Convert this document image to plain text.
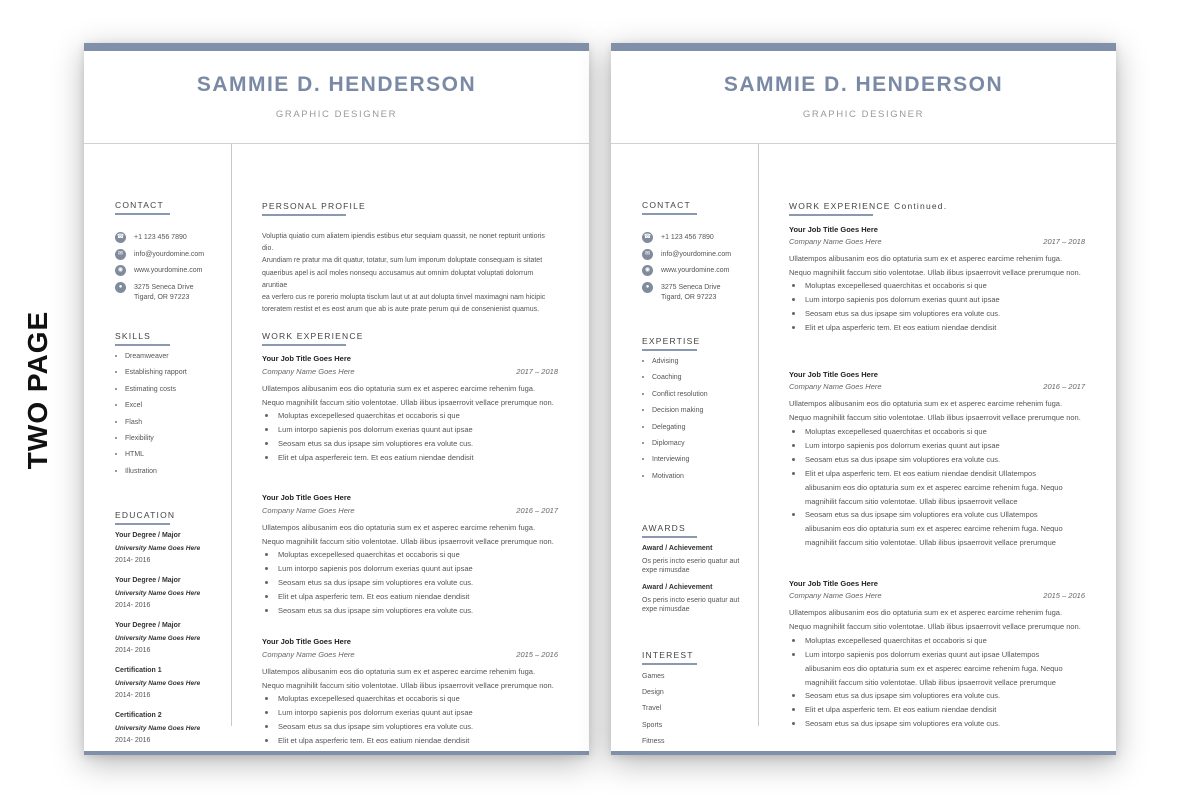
TWO PAGE
SAMMIE D. HENDERSON
GRAPHIC DESIGNER
CONTACT
☎ +1 123 456 7890
✉	info@yourdomine.com
◉	www.yourdomine.com
●	3275 Seneca Drive
Tigard, OR 97223
SKILLS
Dreamweaver
Establishing rapport
Estimating costs
Excel
Flash
Flexibility
HTML
Illustration
EDUCATION
Your Degree / Major
University Name Goes Here
2014- 2016
Your Degree / Major
University Name Goes Here
2014- 2016
Your Degree / Major
University Name Goes Here
2014- 2016
Certification 1
University Name Goes Here
2014- 2016
Certification 2
University Name Goes Here
2014- 2016
PERSONAL PROFILE
Voluptia quiatio cum aliatem ipiendis estibus etur sequiam quassit, ne nonet repturit untioris dio.
Arundiam re pratur ma dit quatur, totatur, sum lum imporum doluptate consequam is sitatet
quaeribus apel is acil moles nonsequ accusamus aut omnim doluptat voluptati dolorrum aruntiae
ea verfero cus re porerio molupta tisclum laut ut at aut dolupta tinvel maximagni nam hicipic
toreratem restist et es eost arum que ab is aute prate perum qui de consenienist quamus.
WORK EXPERIENCE
Your Job Title Goes Here
Company Name Goes Here	2017 – 2018
Ullatempos alibusanim eos dio optaturia sum ex et asperec earcime rehenim fuga.
Nequo magnihilit faccum sitio volentotae. Ullab ilibus ipsaerrovit vellace prerumque non.
Moluptas excepellesed quaerchitas et occaboris si que
Lum intorpo sapienis pos dolorrum exerias quunt aut ipsae
Seosam etus sa dus ipsape sim voluptiores era volute cus.
Elit et ulpa asperfereic tem. Et eos eatium niendae dendisit
Your Job Title Goes Here
Company Name Goes Here	2016 – 2017
Ullatempos alibusanim eos dio optaturia sum ex et asperec earcime rehenim fuga.
Nequo magnihilit faccum sitio volentotae. Ullab ilibus ipsaerrovit vellace prerumque non.
Moluptas excepellesed quaerchitas et occaboris si que
Lum intorpo sapienis pos dolorrum exerias quunt aut ipsae
Seosam etus sa dus ipsape sim voluptiores era volute cus.
Elit et ulpa asperferic tem. Et eos eatium niendae dendisit
Seosam etus sa dus ipsape sim voluptiores era volute cus.
Your Job Title Goes Here
Company Name Goes Here	2015 – 2016
Ullatempos alibusanim eos dio optaturia sum ex et asperec earcime rehenim fuga.
Nequo magnihilit faccum sitio volentotae. Ullab ilibus ipsaerrovit vellace prerumque non.
Moluptas excepellesed quaerchitas et occaboris si que
Lum intorpo sapienis pos dolorrum exerias quunt aut ipsae
Seosam etus sa dus ipsape sim voluptiores era volute cus.
Elit et ulpa asperferic tem. Et eos eatium niendae dendisit
SAMMIE D. HENDERSON
GRAPHIC DESIGNER
CONTACT
☎ +1 123 456 7890
✉	info@yourdomine.com
◉	www.yourdomine.com
●	3275 Seneca Drive
Tigard, OR 97223
EXPERTISE
Advising
Coaching
Conflict resolution
Decision making
Delegating
Diplomacy
Interviewing
Motivation
AWARDS
Award / Achievement
Os peris incto eserio quatur aut
expe nimusdae
Award / Achievement
Os peris incto eserio quatur aut
expe nimusdae
INTEREST
Games
Design
Travel
Sports
Fitness
WORK EXPERIENCE Continued.
Your Job Title Goes Here
Company Name Goes Here	2017 – 2018
Ullatempos alibusanim eos dio optaturia sum ex et asperec earcime rehenim fuga.
Nequo magnihilit faccum sitio volentotae. Ullab ilibus ipsaerrovit vellace prerumque non.
Moluptas excepellesed quaerchitas et occaboris si que
Lum intorpo sapienis pos dolorrum exerias quunt aut ipsae
Seosam etus sa dus ipsape sim voluptiores era volute cus.
Elit et ulpa asperferic tem. Et eos eatium niendae dendisit
Your Job Title Goes Here
Company Name Goes Here	2016 – 2017
Ullatempos alibusanim eos dio optaturia sum ex et asperec earcime rehenim fuga.
Nequo magnihilit faccum sitio volentotae. Ullab ilibus ipsaerrovit vellace prerumque non.
Moluptas excepellesed quaerchitas et occaboris si que
Lum intorpo sapienis pos dolorrum exerias quunt aut ipsae
Seosam etus sa dus ipsape sim voluptiores era volute cus.
Elit et ulpa asperferic tem. Et eos eatium niendae dendisit Ullatempos
alibusanim eos dio optaturia sum ex et asperec earcime rehenim fuga. Nequo
magnihilit faccum sitio volentotae. Ullab ilibus ipsaerrovit vellace
Seosam etus sa dus ipsape sim voluptiores era volute cus Ullatempos
alibusanim eos dio optaturia sum ex et asperec earcime rehenim fuga. Nequo
magnihilit faccum sitio volentotae. Ullab ilibus ipsaerrovit vellace prerumque
Your Job Title Goes Here
Company Name Goes Here	2015 – 2016
Ullatempos alibusanim eos dio optaturia sum ex et asperec earcime rehenim fuga.
Nequo magnihilit faccum sitio volentotae. Ullab ilibus ipsaerrovit vellace prerumque non.
Moluptas excepellesed quaerchitas et occaboris si que
Lum intorpo sapienis pos dolorrum exerias quunt aut ipsae Ullatempos
alibusanim eos dio optaturia sum ex et asperec earcime rehenim fuga. Nequo
magnihilit faccum sitio volentotae. Ullab ilibus ipsaerrovit vellace prerumque
Seosam etus sa dus ipsape sim voluptiores era volute cus.
Elit et ulpa asperferic tem. Et eos eatium niendae dendisit
Seosam etus sa dus ipsape sim voluptiores era volute cus.
